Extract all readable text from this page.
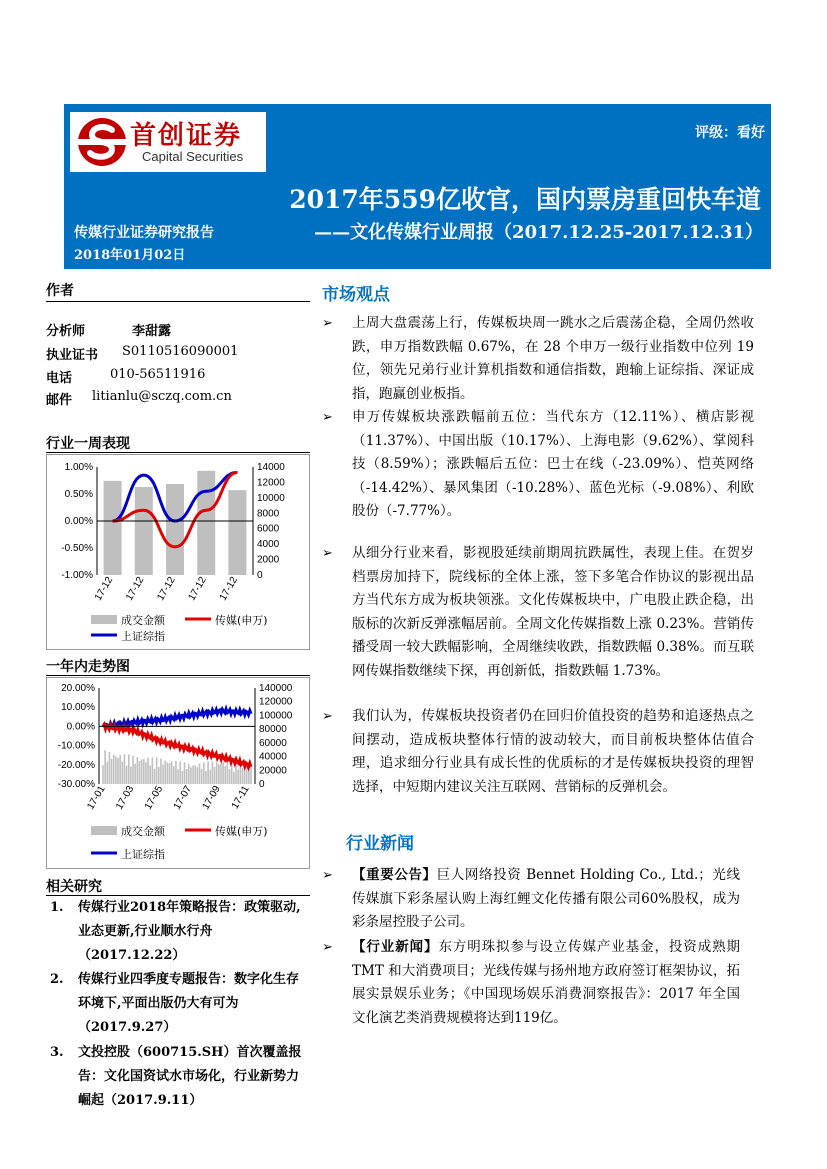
首创证券
Capital Securities
评级：看好
2017年559亿收官，国内票房重回快车道
传媒行业证券研究报告	——文化传媒行业周报（2017.12.25-2017.12.31）
2018年01月02日
作者
分析师	李甜露
执业证书 S0110516090001
电话	010-56511916
邮件 litianlu@sczq.com.cn
行业一周表现
1.00%
0.50%
0.00%
-0.50%
-1.00%
14000
12000
10000
8000
6000
4000
2000
0
17-12 17-12 17-12 17-12 17-12
成交金额	传媒(申万)
上证综指
一年内走势图
20.00%
10.00%
0.00%
-10.00%
-20.00%
-30.00%
140000
120000
100000
80000
60000
40000
20000
0
17-01 17-03 17-05 17-07 17-09 17-11
成交金额	传媒(申万)
上证综指
相关研究
1. 传媒行业2018年策略报告：政策驱动,业态更新,行业顺水行舟（2017.12.22）
2. 传媒行业四季度专题报告：数字化生存环境下,平面出版仍大有可为（2017.9.27）
3. 文投控股（600715.SH）首次覆盖报告：文化国资试水市场化，行业新势力崛起（2017.9.11）
市场观点
➢ 上周大盘震荡上行，传媒板块周一跳水之后震荡企稳，全周仍然收跌，申万指数跌幅 0.67%，在 28 个申万一级行业指数中位列 19 位，领先兄弟行业计算机指数和通信指数，跑输上证综指、深证成指，跑赢创业板指。
➢ 申万传媒板块涨跌幅前五位：当代东方（12.11%）、横店影视（11.37%）、中国出版（10.17%）、上海电影（9.62%）、掌阅科技（8.59%）；涨跌幅后五位：巴士在线（-23.09%）、恺英网络（-14.42%）、暴风集团（-10.28%）、蓝色光标（-9.08%）、利欧股份（-7.77%）。
➢ 从细分行业来看，影视股延续前期周抗跌属性，表现上佳。在贺岁档票房加持下，院线标的全体上涨，签下多笔合作协议的影视出品方当代东方成为板块领涨。文化传媒板块中，广电股止跌企稳，出版标的次新反弹涨幅居前。全周文化传媒指数上涨 0.23%。营销传播受周一较大跌幅影响，全周继续收跌，指数跌幅 0.38%。而互联网传媒指数继续下探，再创新低，指数跌幅 1.73%。
➢ 我们认为，传媒板块投资者仍在回归价值投资的趋势和追逐热点之间摆动，造成板块整体行情的波动较大，而目前板块整体估值合理，追求细分行业具有成长性的优质标的才是传媒板块投资的理智选择，中短期内建议关注互联网、营销标的反弹机会。
行业新闻
➢ 【重要公告】巨人网络投资 Bennet Holding Co., Ltd.；光线传媒旗下彩条屋认购上海红鲤文化传播有限公司60%股权，成为彩条屋控股子公司。
➢ 【行业新闻】东方明珠拟参与设立传媒产业基金，投资成熟期 TMT 和大消费项目；光线传媒与扬州地方政府签订框架协议，拓展实景娱乐业务；《中国现场娱乐消费洞察报告》：2017 年全国文化演艺类消费规模将达到119亿。
